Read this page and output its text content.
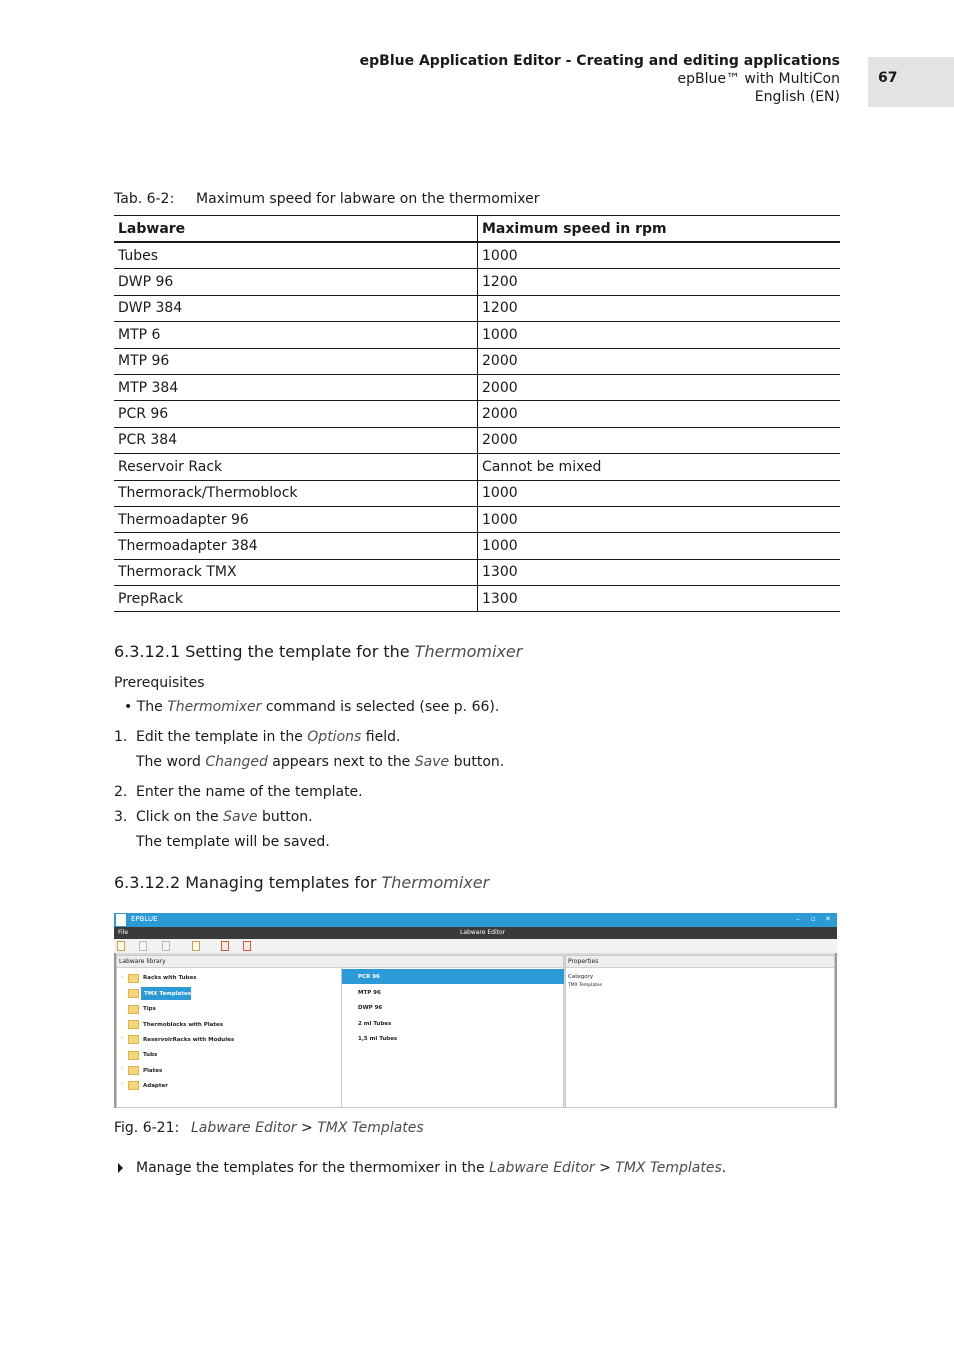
epBlue Application Editor - Creating and editing applications
epBlue™ with MultiCon
English (EN)
67
Tab. 6-2: Maximum speed for labware on the thermomixer
Labware	Maximum speed in rpm
Tubes	1000
DWP 96	1200
DWP 384	1200
MTP 6	1000
MTP 96	2000
MTP 384	2000
PCR 96	2000
PCR 384	2000
Reservoir Rack	Cannot be mixed
Thermorack/Thermoblock	1000
Thermoadapter 96	1000
Thermoadapter 384	1000
Thermorack TMX	1300
PrepRack	1300
6.3.12.1 Setting the template for the Thermomixer
Prerequisites
• The Thermomixer command is selected (see p. 66).
1. Edit the template in the Options field.
The word Changed appears next to the Save button.
2. Enter the name of the template.
3. Click on the Save button.
The template will be saved.
6.3.12.2 Managing templates for Thermomixer
EPBLUE	– ▫ ✕
File	Labware Editor
Labware library
›	Racks with Tubes
TMX Templates
Tips
Thermoblocks with Plates
›	ReservoirRacks with Modules
Tubs
›	Plates
›	Adapter
PCR 96
MTP 96
DWP 96
2 ml Tubes
1,5 ml Tubes
Properties
Category
TMX Templates
Fig. 6-21: Labware Editor > TMX Templates
Manage the templates for the thermomixer in the Labware Editor > TMX Templates.
